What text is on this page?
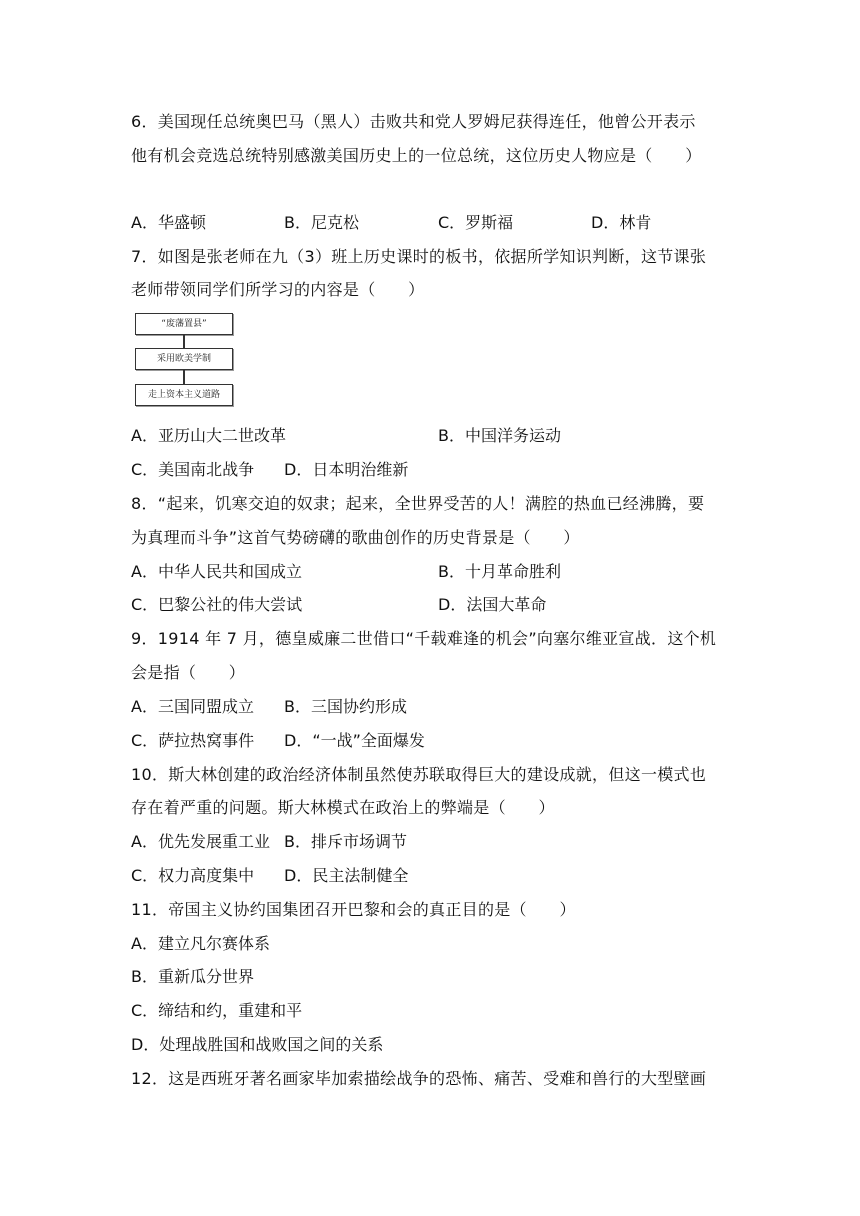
6．美国现任总统奥巴马（黑人）击败共和党人罗姆尼获得连任，他曾公开表示
他有机会竞选总统特别感激美国历史上的一位总统，这位历史人物应是（　　）
A．华盛顿	B．尼克松	C．罗斯福	D．林肯
7．如图是张老师在九（3）班上历史课时的板书，依据所学知识判断，这节课张
老师带领同学们所学习的内容是（　　）
“废藩置县”
采用欧美学制
走上资本主义道路
A．亚历山大二世改革	B．中国洋务运动
C．美国南北战争 D．日本明治维新
8．“起来，饥寒交迫的奴隶；起来，全世界受苦的人！满腔的热血已经沸腾，要
为真理而斗争”这首气势磅礴的歌曲创作的历史背景是（　　）
A．中华人民共和国成立	B．十月革命胜利
C．巴黎公社的伟大尝试	D．法国大革命
9．1914 年 7 月，德皇威廉二世借口“千载难逢的机会”向塞尔维亚宣战．这个机
会是指（　　）
A．三国同盟成立 B．三国协约形成
C．萨拉热窝事件 D．“一战”全面爆发
10．斯大林创建的政治经济体制虽然使苏联取得巨大的建设成就，但这一模式也
存在着严重的问题。斯大林模式在政治上的弊端是（　　）
A．优先发展重工业 B．排斥市场调节
C．权力高度集中 D．民主法制健全
11．帝国主义协约国集团召开巴黎和会的真正目的是（　　）
A．建立凡尔赛体系
B．重新瓜分世界
C．缔结和约，重建和平
D．处理战胜国和战败国之间的关系
12．这是西班牙著名画家毕加索描绘战争的恐怖、痛苦、受难和兽行的大型壁画
